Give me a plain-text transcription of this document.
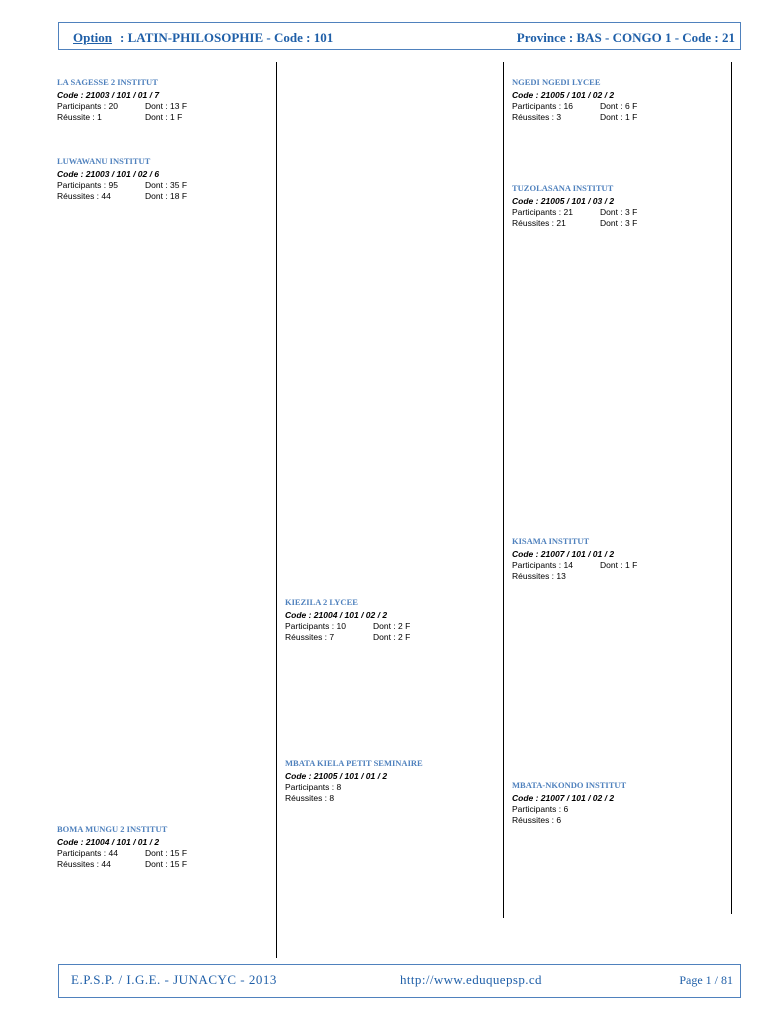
Option : LATIN-PHILOSOPHIE - Code : 101	Province : BAS - CONGO 1 - Code : 21
LA SAGESSE 2 INSTITUT
Code : 21003 / 101 / 01 / 7
Participants : 20	Dont : 13 F
Réussite : 1	Dont : 1 F
LUWAWANU INSTITUT
Code : 21003 / 101 / 02 / 6
Participants : 95	Dont : 35 F
Réussites : 44	Dont : 18 F
BOMA MUNGU 2 INSTITUT
Code : 21004 / 101 / 01 / 2
Participants : 44	Dont : 15 F
Réussites : 44	Dont : 15 F
KIEZILA 2 LYCEE
Code : 21004 / 101 / 02 / 2
Participants : 10	Dont : 2 F
Réussites : 7	Dont : 2 F
MBATA KIELA PETIT SEMINAIRE
Code : 21005 / 101 / 01 / 2
Participants : 8
Réussites : 8
NGEDI NGEDI LYCEE
Code : 21005 / 101 / 02 / 2
Participants : 16	Dont : 6 F
Réussites : 3	Dont : 1 F
TUZOLASANA INSTITUT
Code : 21005 / 101 / 03 / 2
Participants : 21	Dont : 3 F
Réussites : 21	Dont : 3 F
KISAMA INSTITUT
Code : 21007 / 101 / 01 / 2
Participants : 14	Dont : 1 F
Réussites : 13
MBATA-NKONDO INSTITUT
Code : 21007 / 101 / 02 / 2
Participants : 6
Réussites : 6
E.P.S.P. / I.G.E. - JUNACYC - 2013	http://www.eduquepsp.cd	Page 1 / 81
